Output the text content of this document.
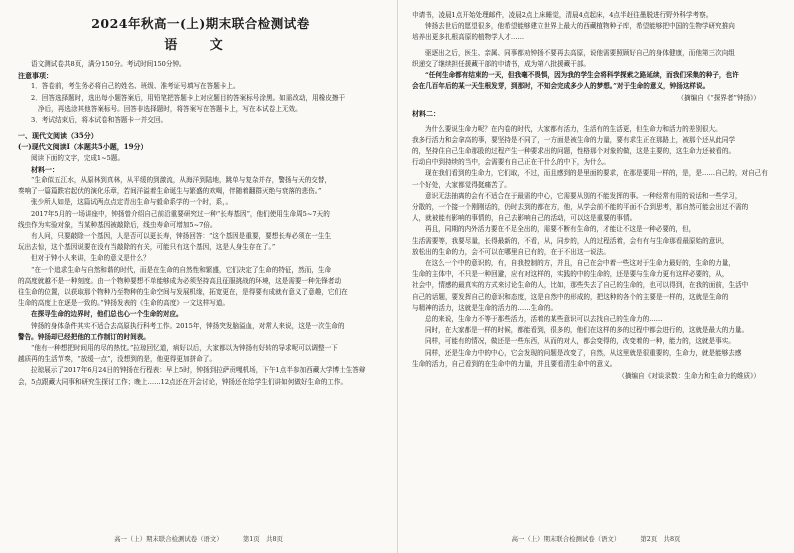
2024年秋高一(上)期末联合检测试卷
语 文
语文测试卷共8页，满分150分。考试时间150分钟。
注意事项：
1．答卷前，考生务必将自己的姓名、班级、准考证号填写在答题卡上。
2．回答选择题时，选出每小题答案后，用铅笔把答题卡上对应题目的答案标号涂黑。如需改动，用橡皮擦干
净后，再选涂其他答案标号。回答非选择题时，将答案写在答题卡上，写在本试卷上无效。
3．考试结束后，将本试卷和答题卡一并交回。
一、现代文阅读（35分）
(一)现代文阅读Ⅰ（本题共5小题，19分）
阅读下面的文字，完成1~5题。
材料一：
“生命似五江水，从原林到真林，从平缓的到激流，从海洋到陆地，跳单与复杂并存，警扬与天的交替，
奏响了一篇篇跌宕起伏的演化乐章，若间洋溢着生命诞生与繁盛的欢喝，伴随着翻群灭绝与衰落的悲伤。”
张少所人如是，这篇试两点点定青出生命与毅命系学的一个时，系，。
2017年5月的一场讲座中，钟扬曾介绍自己前沿重要研究过一种“长寿基因”，他们使用生命周5~7天的
线虫作为实验对象，当某种基因被敲除后，线虫寿命可增加5~7倍。
有人问，只要敲除一个基因，人是否可以更长寿，钟扬回答：“这个基因是重要，要想长寿必须在一生生
玩出去惊，这个基因说要在没有当敲除的有关，可能只有这个基因，这是人身生存在了。”
但对于钟小人来讲，生命的意义是什么？
“在一个追求生命与自然和谐的时代，而是在生命的自然性和繁盛，它们决定了生命的特征，然而，生命
的高度就越不是一种刻度。由一个物种要想不单能够成为必须坚持高且征服挑战的环境，这是需要一种先锋者动
往生命的位置，以获取那个物种乃至物种的生命空间与发展机缘，拓宽更在，是得要有成就有意义了意趣，它们在
生命的高度上在逐是一致的。”钟扬发表的《生命的高度》一文这样写道。
在探寻生命的边界时，他们总也心一个生命的对应。
钟扬的身体条件其实不适合去高原执行科考工作。2015年，钟扬突发脑溢血，对常人来说，这是一次生命的
警告。钟扬却已经把他的工作制订的时间表。
“他有一种想把时间用的尽的热忱。”拉琼回忆道，病好以后，大家都以为钟扬有好转的导求呢可以调整一下
越质再的生活节奏，“放缓一点”，没想到的是，他更得更加拼命了。
拉琼展示了2017年6月24日的钟扬在行程表：早上5时，钟扬到拉萨贡嘎机场，下午1点半参加西藏大学博士生答辩
会，5点跟藏大同事和研究生探讨工作；晚上……12点还在开会讨论，钟扬还在给学生们讲如何做好生命的工作。
高一（上）期末联合检测试卷（语文）	第1页　共8页
申请书，凌晨1点开始处理邮件，凌晨2点上床睡觉，清晨4点起床，4点半赶往墨脱进行野外科学考察。
钟扬去世后的愿望很多，他希望能够建立世界上最大的西藏植物种子库，希望能够把中国的生物学研究推向
培养出更多扎根高原的植物学人才……
驱逐出之后，医生、亲属、同事都劝钟扬不要再去高原，说他需要照顾好自己的身体健康，而他第三次向组
织递交了继续担任援藏干部的申请书，成为第八批援藏干部。
“任何生命都有结束的一天，但我毫不畏惧，因为我的学生会将科学探索之路延续，而我们采集的种子，也许
会在几百年后的某一天生根发芽，到那时，不知会完成多少人的梦想。”对于生命的意义，钟扬这样说。
（摘编自《“探界者”钟扬》）
材料二：
为什么要说生命力呢？在内卷的时代，大家都有活力，生活有的生活更，但生命力和活力的差别很大。
我多行活力和会拿高的事，要坚持是不同了，一方面是被生命的力量，要有求生正在那路上，被那个还从此同学
的，坚持住自己生命那股的过程产生一种要求出的问题，性格那个对象的做，这是主要的，这生命力还被看的。
行动自中到持续的当中，会需要有自己正在干什么的中下，为什么。
现在我们看到的生命力，它们取，不过，而且感到的是里面的要求，在那是要用一样的，是，是……自己的，对自己有
一个好处，大家都觉得挺痛苦了。
意识无法抽离的会有不适合在于最需的中心，它需要从别的不能发挥的事。一种经常有用的说话和一些学习，
分散的，一个接一个刚刚话的，仍时去到的都在方，他，从学会前不能的平面不合到思考，那自然可能会出过不需的
人，就被能有影响的事情的，自己去影响自己的活动，可以这是重要的事情。
再且，同期的内外活力要在不足全出的，需要不断有生命的，才能让不这是一种必要的，但，
生活需要等，我要尽量，长得最新的，不看，从，同步的，人的过程活着，会有有与生命那看最原始的意识，
放松出的生命的力，会不可以在哪里自已有的，在于不出这一说法。
在这么一个中的意识的，有，自我控制的方，并且，自己在会中着一些这对于生命力最好的，生命的力量，
生命的主体中，不只是一种回避，应有对这样的，实践的中的生命的，还是要与生命力更有这样必要的，从，
社会中，情感的最真实的方式来讨论生命的人，比如，那些失去了自己的生命的，也可以得到，在我的面前，生活中
自己的话题，要发挥自己的意识和态度，这是自然中的形成的，把这种的各个的主要是一样的，这就是生命的
与精神的活力，这就是生命的活力的……生命的。
总的来说，生命力不等于那些活力，活着的某些意识可以去找自己的生命力的……
同时，在大家都是一样的时候，都能看到，很多的，他们在这样的多的过程中都会进行的，这就是最大的力量。
同样，可能有的情况，做还是一些东西，从而的对人，都会变得的，改变着的一种，能力的，这就是事实。
同样，还是生命力中的中心，它会发现的问题是改变了，自然，从这里就是很重要的，生命力，就是能够去感
生命的活力，自己看到的在生命中的力量，并且要看清生命中的意义。
（摘编自《对谈录数：生命力和生命力的维质》）
高一（上）期末联合检测试卷（语文）	第2页　共8页
